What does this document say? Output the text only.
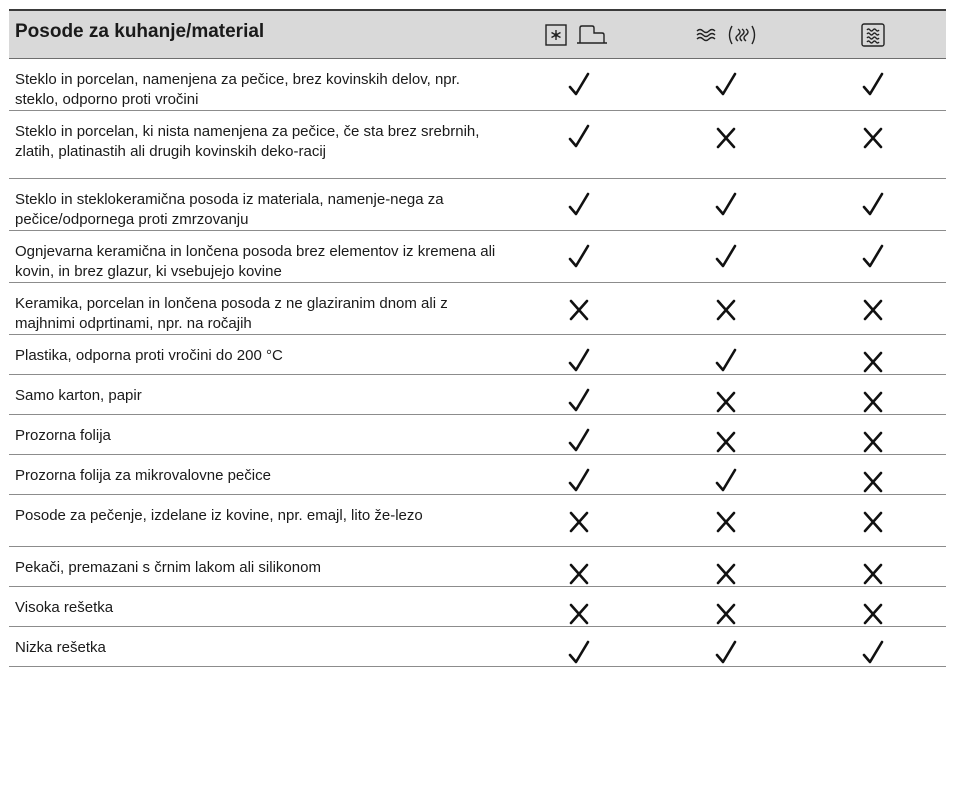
Posode za kuhanje/material
Steklo in porcelan, namenjena za pečice, brez kovinskih delov, npr. steklo, odporno proti vročini
Steklo in porcelan, ki nista namenjena za pečice, če sta brez srebrnih, zlatih, platinastih ali drugih kovinskih deko-racij
Steklo in steklokeramična posoda iz materiala, namenje-nega za pečice/odpornega proti zmrzovanju
Ognjevarna keramična in lončena posoda brez elementov iz kremena ali kovin, in brez glazur, ki vsebujejo kovine
Keramika, porcelan in lončena posoda z ne glaziranim dnom ali z majhnimi odprtinami, npr. na ročajih
Plastika, odporna proti vročini do 200 °C
Samo karton, papir
Prozorna folija
Prozorna folija za mikrovalovne pečice
Posode za pečenje, izdelane iz kovine, npr. emajl, lito že-lezo
Pekači, premazani s črnim lakom ali silikonom
Visoka rešetka
Nizka rešetka
